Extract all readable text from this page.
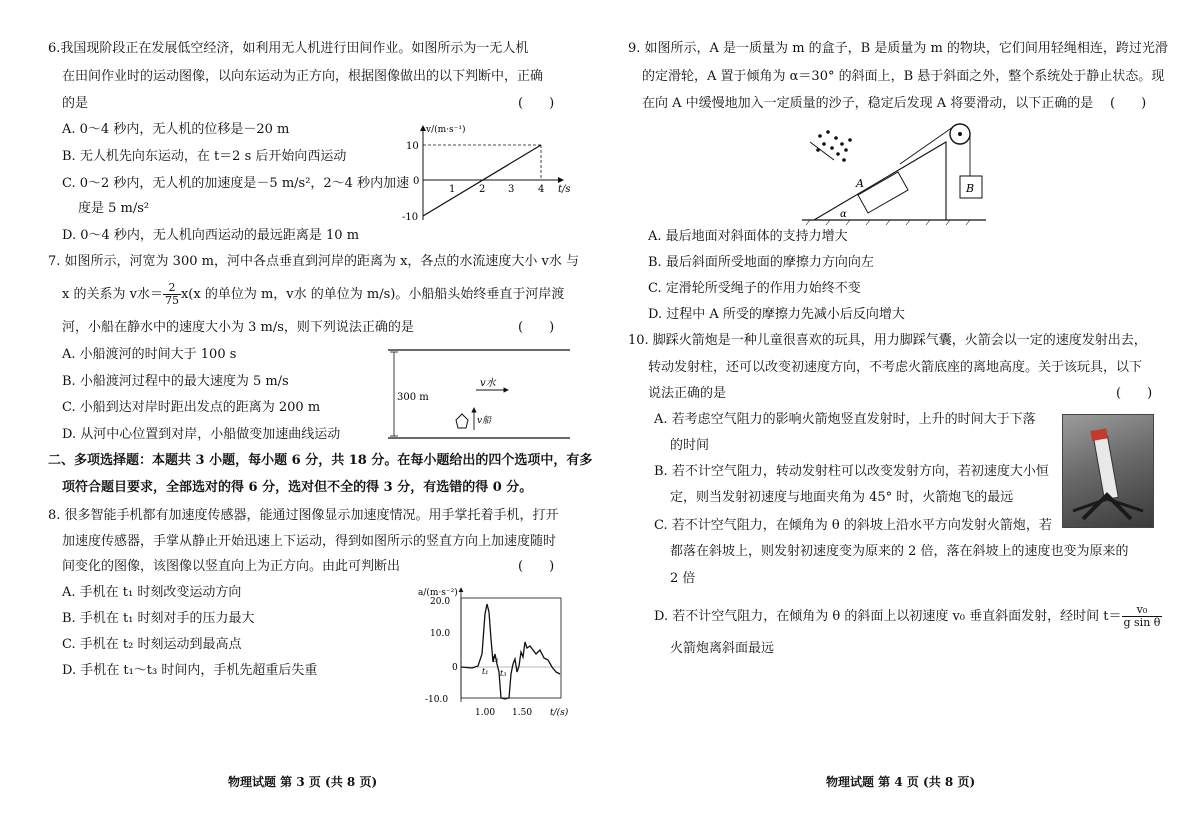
6.我国现阶段正在发展低空经济，如利用无人机进行田间作业。如图所示为一无人机
在田间作业时的运动图像，以向东运动为正方向，根据图像做出的以下判断中，正确
的是	(　　)
A. 0～4 秒内，无人机的位移是－20 m
B. 无人机先向东运动，在 t＝2 s 后开始向西运动
C. 0～2 秒内，无人机的加速度是－5 m/s²，2～4 秒内加速
度是 5 m/s²
D. 0～4 秒内，无人机向西运动的最远距离是 10 m
v/(m·s⁻¹)
t/s
10
0
-10
1 2 3 4
7. 如图所示，河宽为 300 m，河中各点垂直到河岸的距离为 x，各点的水流速度大小 v水 与
x 的关系为 v水＝ $\frac{2}{75} x(x$ 的单位为 m，v水 的单位为 m/s)。小船船头始终垂直于河岸渡
河，小船在静水中的速度大小为 3 m/s，则下列说法正确的是	(　　)
A. 小船渡河的时间大于 100 s
B. 小船渡河过程中的最大速度为 5 m/s
C. 小船到达对岸时距出发点的距离为 200 m
D. 从河中心位置到对岸，小船做变加速曲线运动
300 m
v水
v船
二、多项选择题：本题共 3 小题，每小题 6 分，共 18 分。在每小题给出的四个选项中，有多
项符合题目要求，全部选对的得 6 分，选对但不全的得 3 分，有选错的得 0 分。
8. 很多智能手机都有加速度传感器，能通过图像显示加速度情况。用手掌托着手机，打开
加速度传感器，手掌从静止开始迅速上下运动，得到如图所示的竖直方向上加速度随时
间变化的图像，该图像以竖直向上为正方向。由此可判断出	(　　)
A. 手机在 t₁ 时刻改变运动方向
B. 手机在 t₁ 时刻对手的压力最大
C. 手机在 t₂ 时刻运动到最高点
D. 手机在 t₁～t₃ 时间内，手机先超重后失重
a/(m·s⁻²)
20.0
10.0
0
-10.0
1.00 1.50 t/(s)
t₁
t₂
t₃
物理试题 第 3 页 (共 8 页)
9. 如图所示，A 是一质量为 m 的盒子，B 是质量为 m 的物块，它们间用轻绳相连，跨过光滑
的定滑轮，A 置于倾角为 α＝30° 的斜面上，B 悬于斜面之外，整个系统处于静止状态。现
在向 A 中缓慢地加入一定质量的沙子，稳定后发现 A 将要滑动，以下正确的是 (　　)
B
A
α
A. 最后地面对斜面体的支持力增大
B. 最后斜面所受地面的摩擦力方向向左
C. 定滑轮所受绳子的作用力始终不变
D. 过程中 A 所受的摩擦力先减小后反向增大
10. 脚踩火箭炮是一种儿童很喜欢的玩具，用力脚踩气囊，火箭会以一定的速度发射出去，
转动发射柱，还可以改变初速度方向，不考虑火箭底座的离地高度。关于该玩具，以下
说法正确的是	(　　)
A. 若考虑空气阻力的影响火箭炮竖直发射时，上升的时间大于下落
的时间
B. 若不计空气阻力，转动发射柱可以改变发射方向，若初速度大小恒
定，则当发射初速度与地面夹角为 45° 时，火箭炮飞的最远
C. 若不计空气阻力，在倾角为 θ 的斜坡上沿水平方向发射火箭炮，若
都落在斜坡上，则发射初速度变为原来的 2 倍，落在斜坡上的速度也变为原来的
2 倍
D. 若不计空气阻力，在倾角为 θ 的斜面上以初速度 v₀ 垂直斜面发射，经时间 $t= \frac{\text{v₀}}{\text{g sin θ}}$
火箭炮离斜面最远
物理试题 第 4 页 (共 8 页)
